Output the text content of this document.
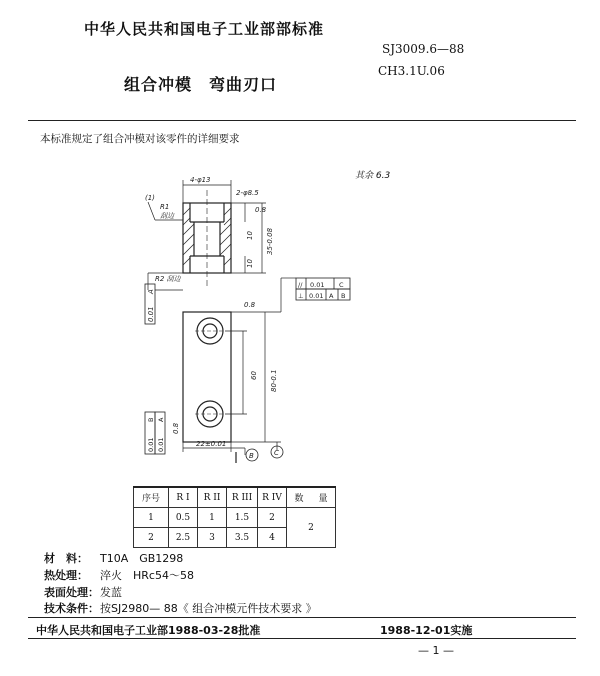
中华人民共和国电子工业部部标准
SJ3009.6—88
CH3.1U.06
组合冲模　弯曲刃口
本标准规定了组合冲模对该零件的详细要求
其余 6.3
4-φ13
2-φ8.5
(1)
R1
刮边
R2 刮边
0.8
35-0.08
10
10
0.01
A
0.8
60 80-0.1
0.8
22±0.01
B	C
// 0.01 C
⊥ 0.01 A B
0.01
B
0.01
A
序号	R I	R II	R III	R IV	数	量
1	0.5	1	1.5	2	2	
2	2.5	3	3.5	4		
材　料： T10A　GB1298
热处理： 淬火　HRc54～58
表面处理：发蓝
技术条件：按SJ2980— 88《 组合冲模元件技术要求 》
中华人民共和国电子工业部1988-03-28批准	1988-12-01实施
— 1 —
